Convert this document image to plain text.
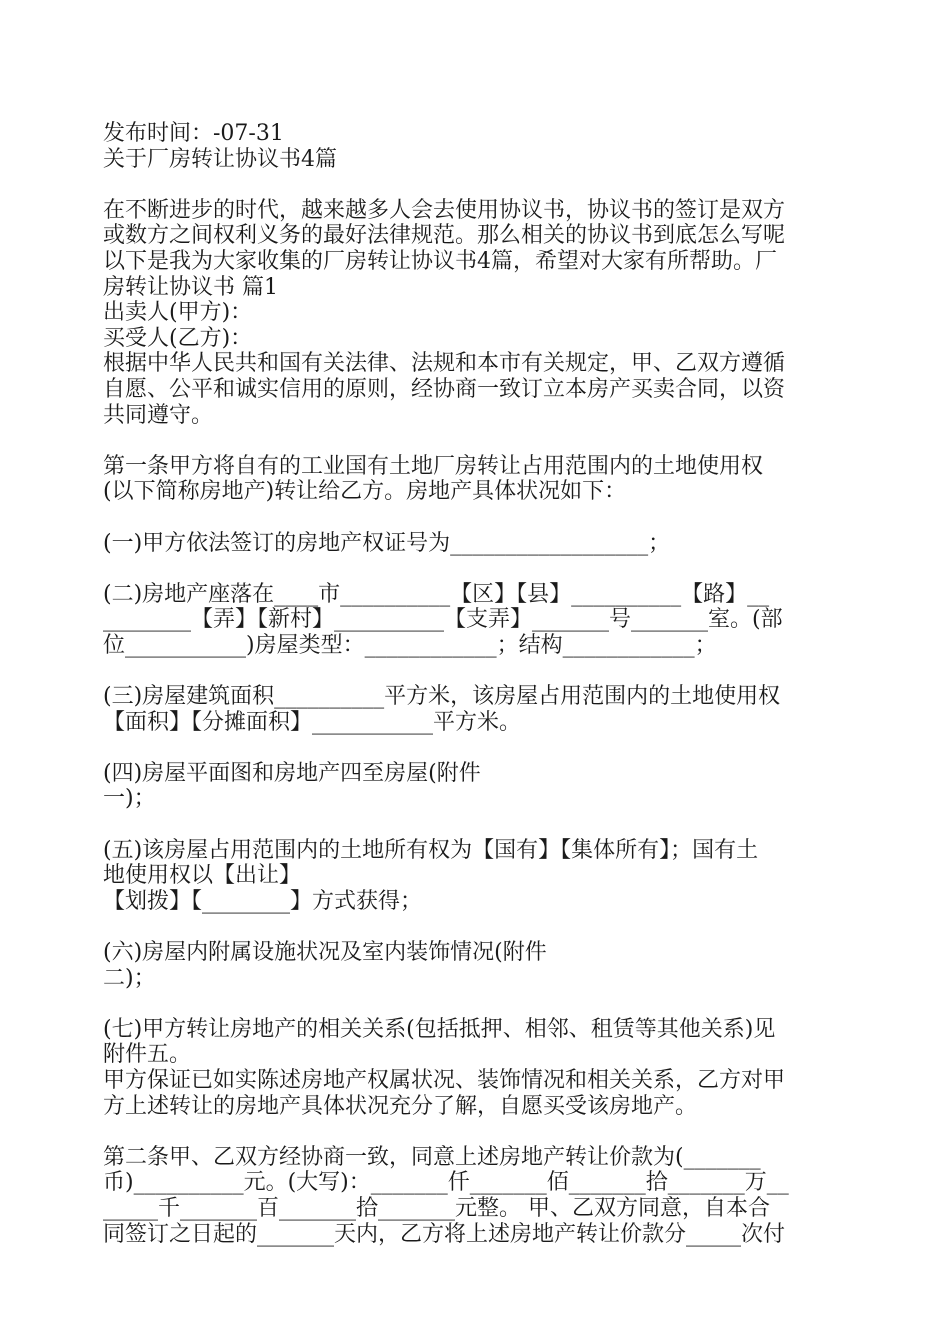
发布时间：-07-31
关于厂房转让协议书4篇
在不断进步的时代，越来越多人会去使用协议书，协议书的签订是双方
或数方之间权利义务的最好法律规范。那么相关的协议书到底怎么写呢
以下是我为大家收集的厂房转让协议书4篇，希望对大家有所帮助。厂
房转让协议书 篇1
出卖人(甲方)：
买受人(乙方)：
根据中华人民共和国有关法律、法规和本市有关规定，甲、乙双方遵循
自愿、公平和诚实信用的原则，经协商一致订立本房产买卖合同，以资
共同遵守。
第一条甲方将自有的工业国有土地厂房转让占用范围内的土地使用权
(以下简称房地产)转让给乙方。房地产具体状况如下：
(一)甲方依法签订的房地产权证号为__________________；
(二)房地产座落在____市__________【区】【县】__________【路】__
________【弄】【新村】__________【支弄】_______号_______室。(部
位___________)房屋类型：____________；结构____________；
(三)房屋建筑面积__________平方米，该房屋占用范围内的土地使用权
【面积】【分摊面积】___________平方米。
(四)房屋平面图和房地产四至房屋(附件
一)；
(五)该房屋占用范围内的土地所有权为【国有】【集体所有】；国有土
地使用权以【出让】
【划拨】【________】方式获得；
(六)房屋内附属设施状况及室内装饰情况(附件
二)；
(七)甲方转让房地产的相关关系(包括抵押、相邻、租赁等其他关系)见
附件五。
甲方保证已如实陈述房地产权属状况、装饰情况和相关关系，乙方对甲
方上述转让的房地产具体状况充分了解，自愿买受该房地产。
第二条甲、乙双方经协商一致，同意上述房地产转让价款为(_______
币)__________元。(大写)：_______仟_______佰_______拾_______万__
_____千_______百_______拾_______元整。 甲、乙双方同意，自本合
同签订之日起的_______天内，乙方将上述房地产转让价款分_____次付
